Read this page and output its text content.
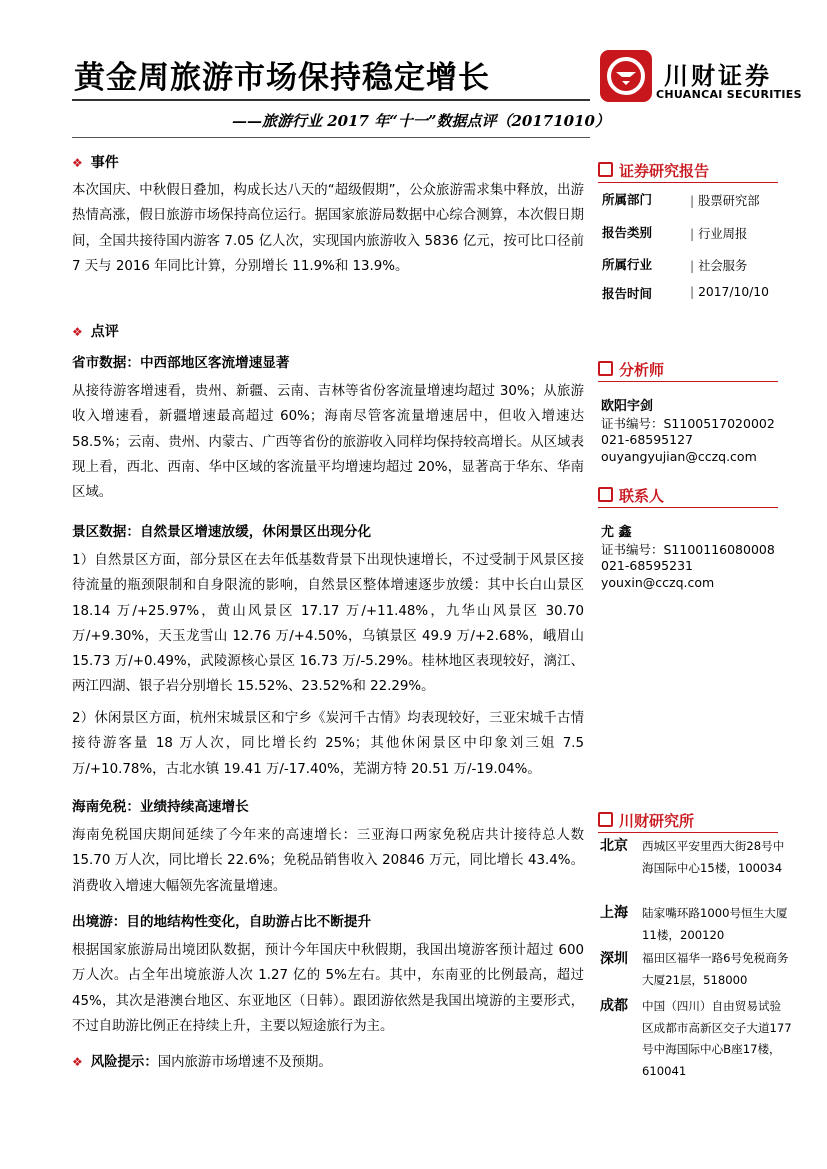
黄金周旅游市场保持稳定增长
——旅游行业 2017 年“十一”数据点评（20171010）
川财证券
CHUANCAI SECURITIES
❖ 事件
本次国庆、中秋假日叠加，构成长达八天的“超级假期”，公众旅游需求集中释放，出游热情高涨，假日旅游市场保持高位运行。据国家旅游局数据中心综合测算，本次假日期间，全国共接待国内游客 7.05 亿人次，实现国内旅游收入 5836 亿元，按可比口径前 7 天与 2016 年同比计算，分别增长 11.9%和 13.9%。
❖ 点评
省市数据：中西部地区客流增速显著
从接待游客增速看，贵州、新疆、云南、吉林等省份客流量增速均超过 30%；从旅游收入增速看，新疆增速最高超过 60%；海南尽管客流量增速居中，但收入增速达 58.5%；云南、贵州、内蒙古、广西等省份的旅游收入同样均保持较高增长。从区域表现上看，西北、西南、华中区域的客流量平均增速均超过 20%，显著高于华东、华南区域。
景区数据：自然景区增速放缓，休闲景区出现分化
1）自然景区方面，部分景区在去年低基数背景下出现快速增长，不过受制于风景区接待流量的瓶颈限制和自身限流的影响，自然景区整体增速逐步放缓：其中长白山景区 18.14 万/+25.97%，黄山风景区 17.17 万/+11.48%，九华山风景区 30.70 万/+9.30%，天玉龙雪山 12.76 万/+4.50%，乌镇景区 49.9 万/+2.68%，峨眉山 15.73 万/+0.49%，武陵源核心景区 16.73 万/-5.29%。桂林地区表现较好，漓江、两江四湖、银子岩分别增长 15.52%、23.52%和 22.29%。
2）休闲景区方面，杭州宋城景区和宁乡《炭河千古情》均表现较好，三亚宋城千古情接待游客量 18 万人次，同比增长约 25%；其他休闲景区中印象刘三姐 7.5 万/+10.78%，古北水镇 19.41 万/-17.40%，芜湖方特 20.51 万/-19.04%。
海南免税：业绩持续高速增长
海南免税国庆期间延续了今年来的高速增长：三亚海口两家免税店共计接待总人数 15.70 万人次，同比增长 22.6%；免税品销售收入 20846 万元，同比增长 43.4%。消费收入增速大幅领先客流量增速。
出境游：目的地结构性变化，自助游占比不断提升
根据国家旅游局出境团队数据，预计今年国庆中秋假期，我国出境游客预计超过 600 万人次。占全年出境旅游人次 1.27 亿的 5%左右。其中，东南亚的比例最高，超过 45%，其次是港澳台地区、东亚地区（日韩）。跟团游依然是我国出境游的主要形式，不过自助游比例正在持续上升，主要以短途旅行为主。
❖ 风险提示：国内旅游市场增速不及预期。
证券研究报告
所属部门	| 股票研究部
报告类别	| 行业周报
所属行业	| 社会服务
报告时间	| 2017/10/10
分析师
欧阳宇剑
证书编号：S1100517020002
021-68595127
ouyangyujian@cczq.com
联系人
尤 鑫
证书编号：S1100116080008
021-68595231
youxin@cczq.com
川财研究所
北京 西城区平安里西大街28号中海国际中心15楼，100034
上海 陆家嘴环路1000号恒生大厦11楼，200120
深圳 福田区福华一路6号免税商务大厦21层，518000
成都 中国（四川）自由贸易试验区成都市高新区交子大道177号中海国际中心B座17楼，610041
